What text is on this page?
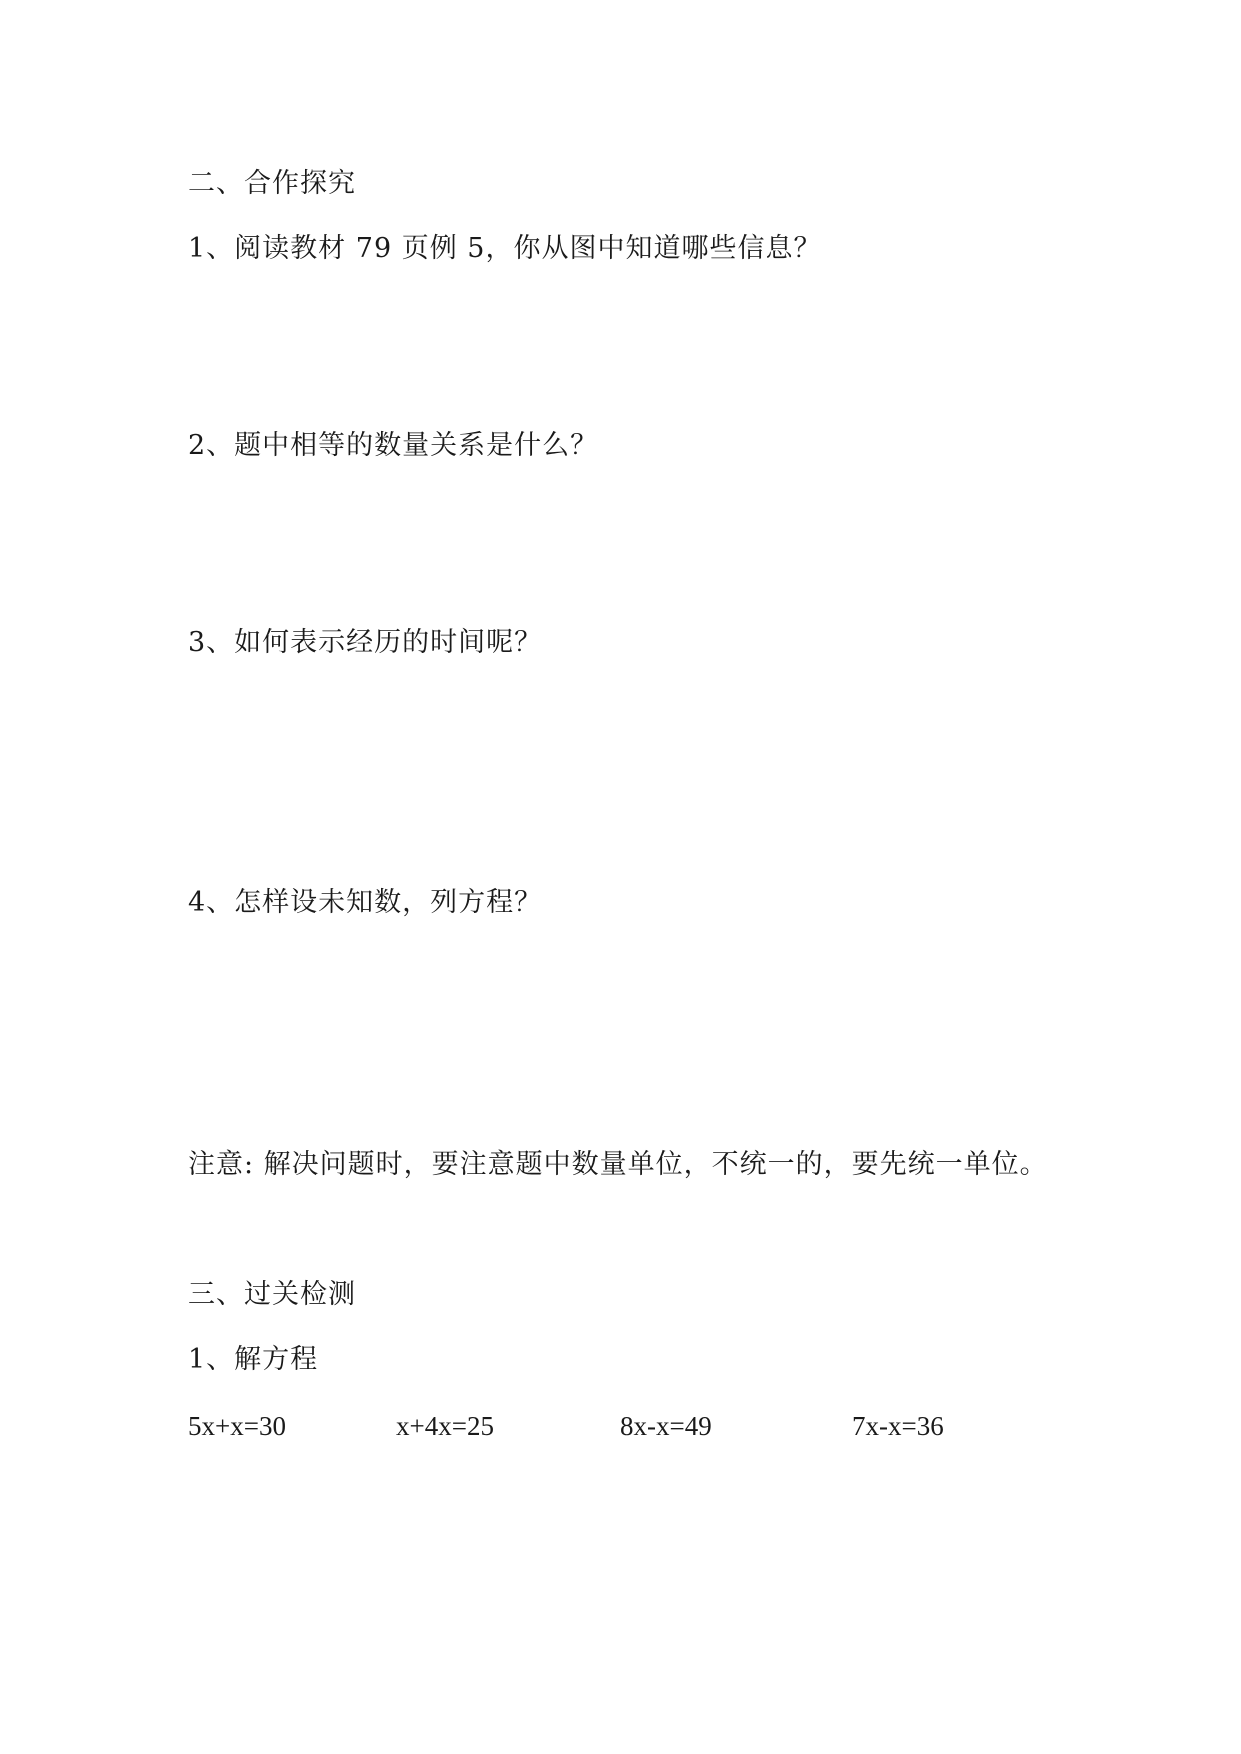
二、合作探究
1、阅读教材 79 页例 5，你从图中知道哪些信息？
2、题中相等的数量关系是什么？
3、如何表示经历的时间呢？
4、怎样设未知数，列方程？
注意: 解决问题时，要注意题中数量单位，不统一的，要先统一单位。
三、过关检测
1、解方程
5x+x=30	x+4x=25	8x-x=49	7x-x=36
